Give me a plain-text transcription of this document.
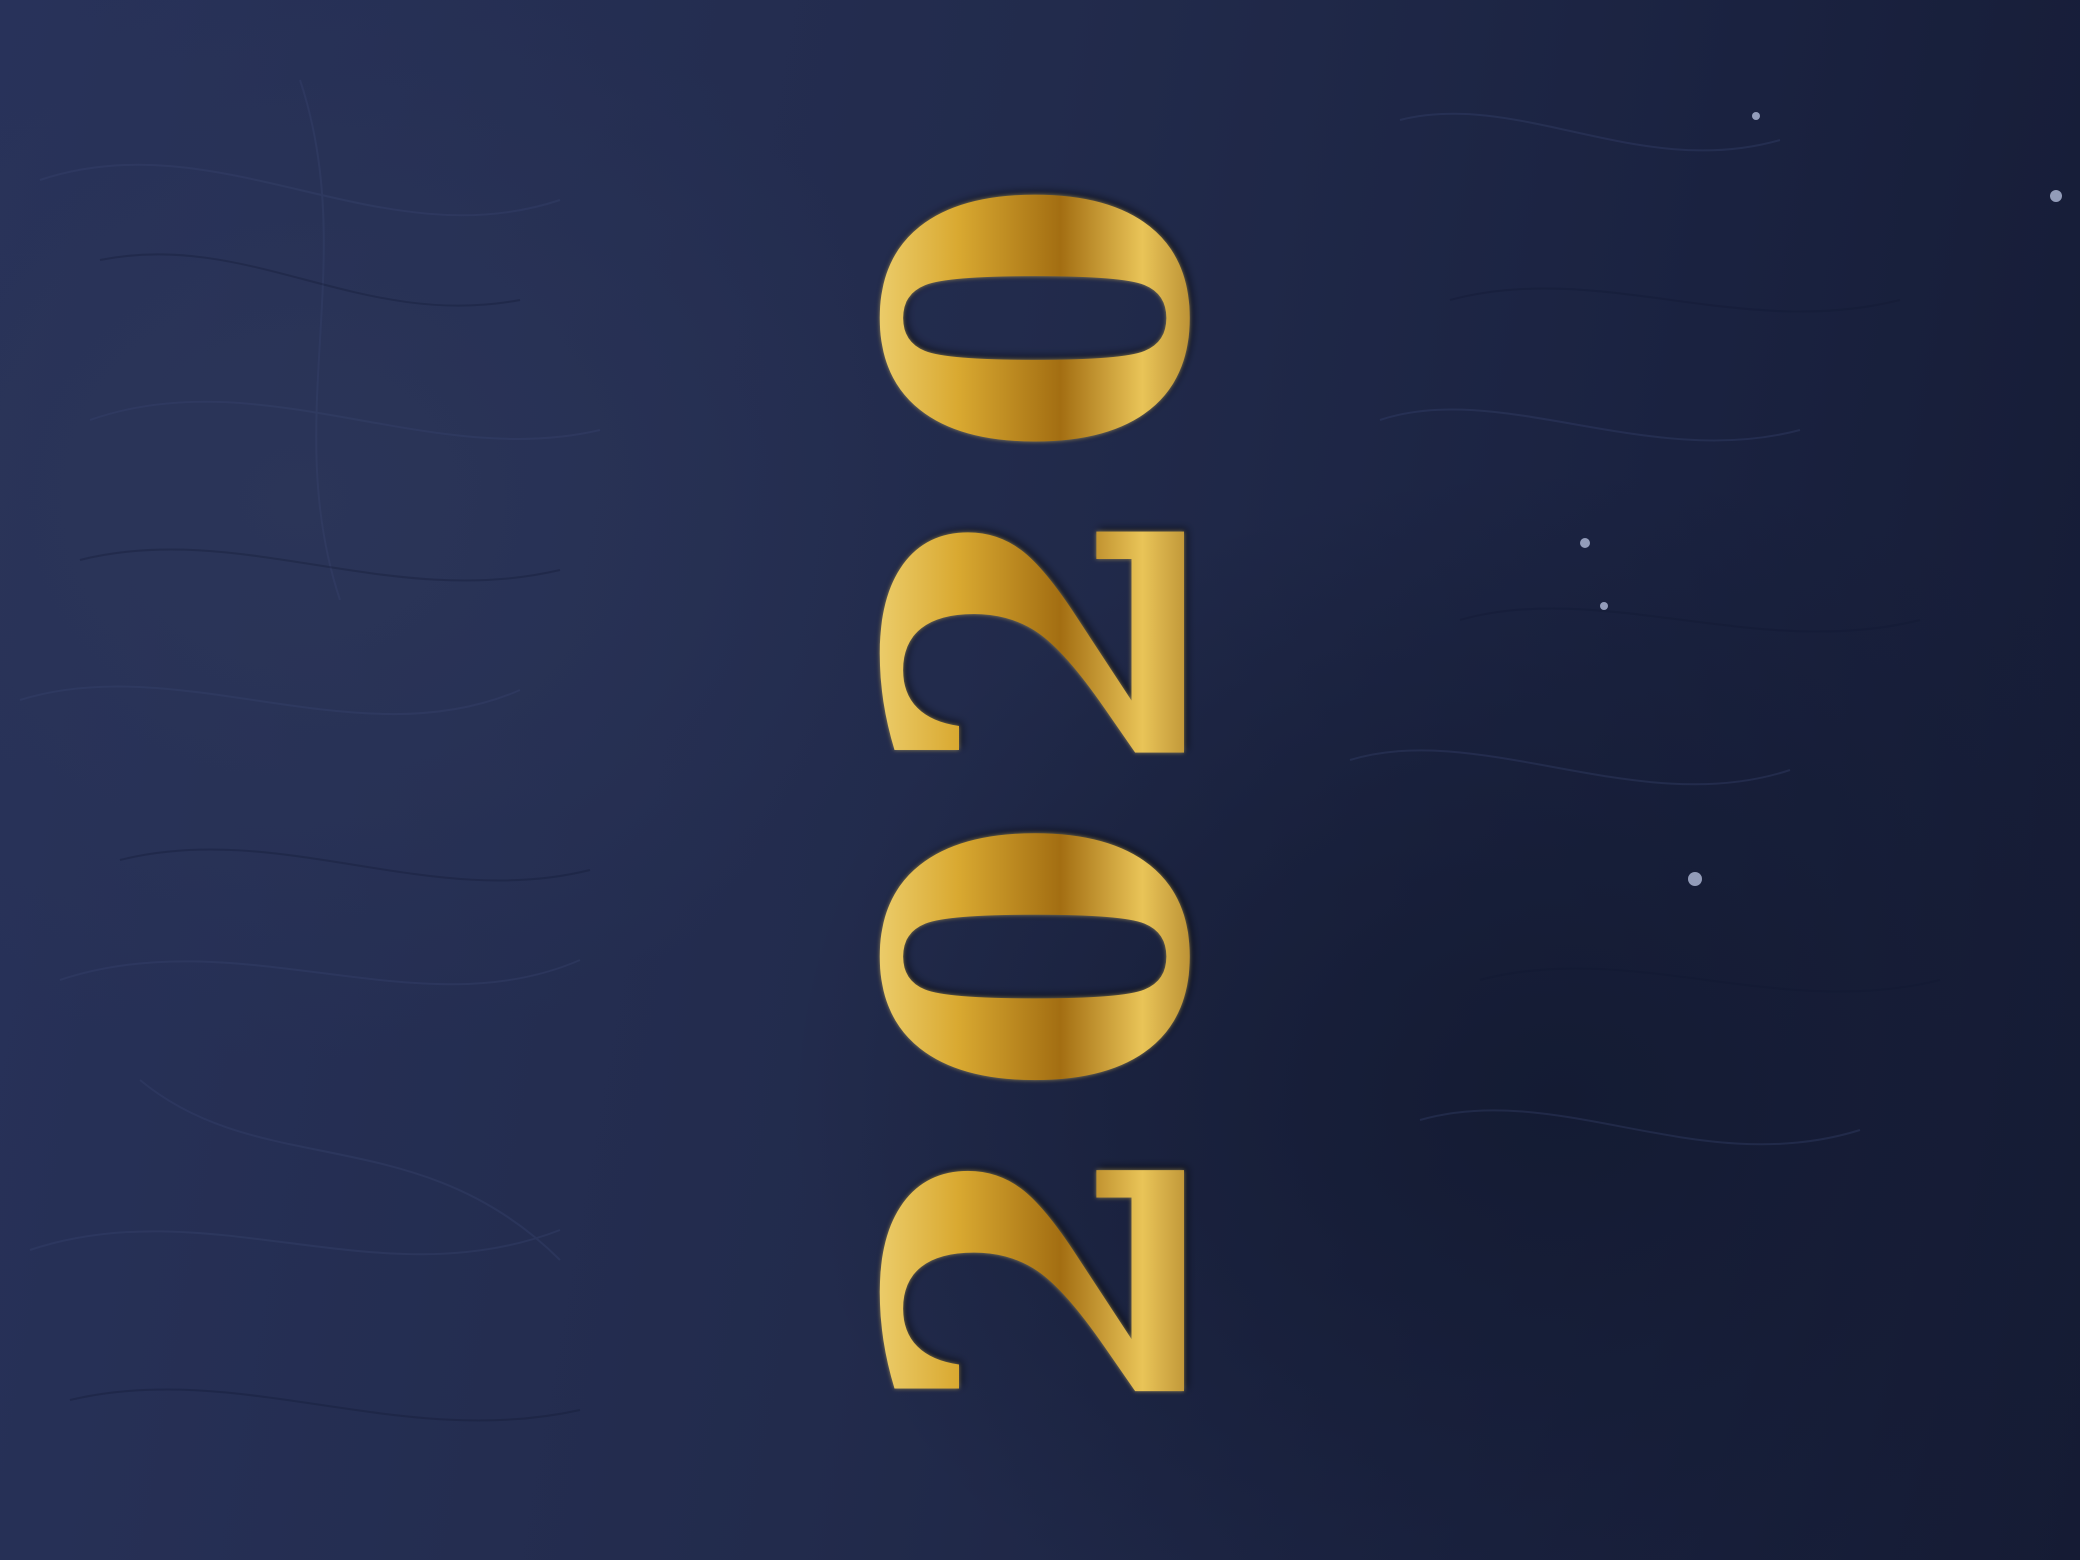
2020
